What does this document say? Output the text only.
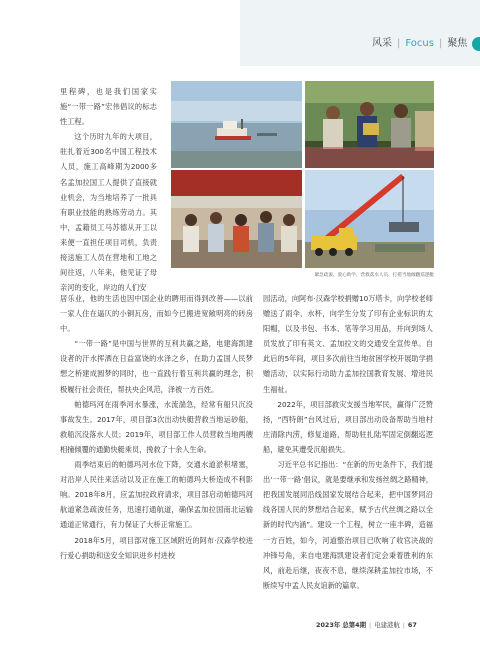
风采 | Focus | 聚焦

里程碑，也是我们国家实施“一带一路”宏伟倡议的标志性工程。

这个历时九年的大项目，驻扎着近300名中国工程技术人员，施工高峰期为2000多名孟加拉国工人提供了直接就业机会，为当地培养了一批具有职业技能的熟练劳动力。其中，孟籍员工马苏德从开工以来便一直担任项目司机，负责接送施工人员在营地和工地之间往返，八年来，他见证了母亲河的变化，岸边的人们安

紧急疏浚、爱心助学、营救落水人员、打捞当地倾翻巡逻艇

居乐业，他的生活也因中国企业的聘用而得到改善——以前一家人住在逼仄的小铜瓦房，而如今已搬进宽敞明亮的砖房中。

“一带一路”是中国与世界的互利共赢之路，电建海凯建设者的汗水挥洒在日益富饶的水泽之乡，在助力孟国人民梦想之桥建成圆梦的同时，也一直践行着互利共赢的理念，积极履行社会责任，帮扶央企风范，泽被一方百姓。

帕德玛河在雨季河水暴涨，水流湍急，经常有船只沉没事故发生。2017年，项目部3次出动快艇营救当地运砂船，救船沉没落水人员；2019年，项目部工作人员营救当地两艘相撞倾覆的通勤快艇乘员，挽救了十余人生命。

雨季结束后的帕德玛河水位下降，交通水道淤积堵塞，对沿岸人民往来活动以及正在施工的帕德玛大桥造成不利影响。2018年8月，应孟加拉政府请求，项目部启动帕德玛河航道紧急疏浚任务，迅速打通航道，确保孟加拉国南北运输通道正常通行，有力保证了大桥正常施工。

2018年5月，项目部对施工区域附近的阿布·汉森学校进行爱心捐助和送安全知识进乡村进校

园活动，向阿布·汉森学校捐赠10万塔卡，向学校老师赠送了雨伞、水杯，向学生分发了印有企业标识的太阳帽，以及书包、书本、笔等学习用品，并向到场人员发放了印有英文、孟加拉文的交通安全宣传单。自此后的5年间，项目多次前往当地贫困学校开展助学捐赠活动，以实际行动助力孟加拉国教育发展、增进民生福祉。

2022年，项目部救灾支援当地军民，赢得广泛赞扬，“西特朗”台风过后，项目部出动设备帮助当地村庄清除内涝，修复道路，帮助驻扎陆军固定倒翻巡逻船，避免其遭受沉船损失。

习近平总书记指出：“在新的历史条件下，我们提出‘一带一路’倡议，就是要继承和发扬丝绸之路精神，把我国发展同沿线国家发展结合起来，把中国梦同沿线各国人民的梦想结合起来，赋予古代丝绸之路以全新的时代内涵”。建设一个工程，树立一座丰碑，造福一方百姓，如今，河道整治项目已吹响了收官决战的冲锋号角，来自电建海凯建设者们定会秉着胜利的东风，前赴后继，夜夜不息，继续深耕孟加拉市场，不断续写中孟人民友谊新的篇章。

2023年 总第4期 | 电建港航 | 67
